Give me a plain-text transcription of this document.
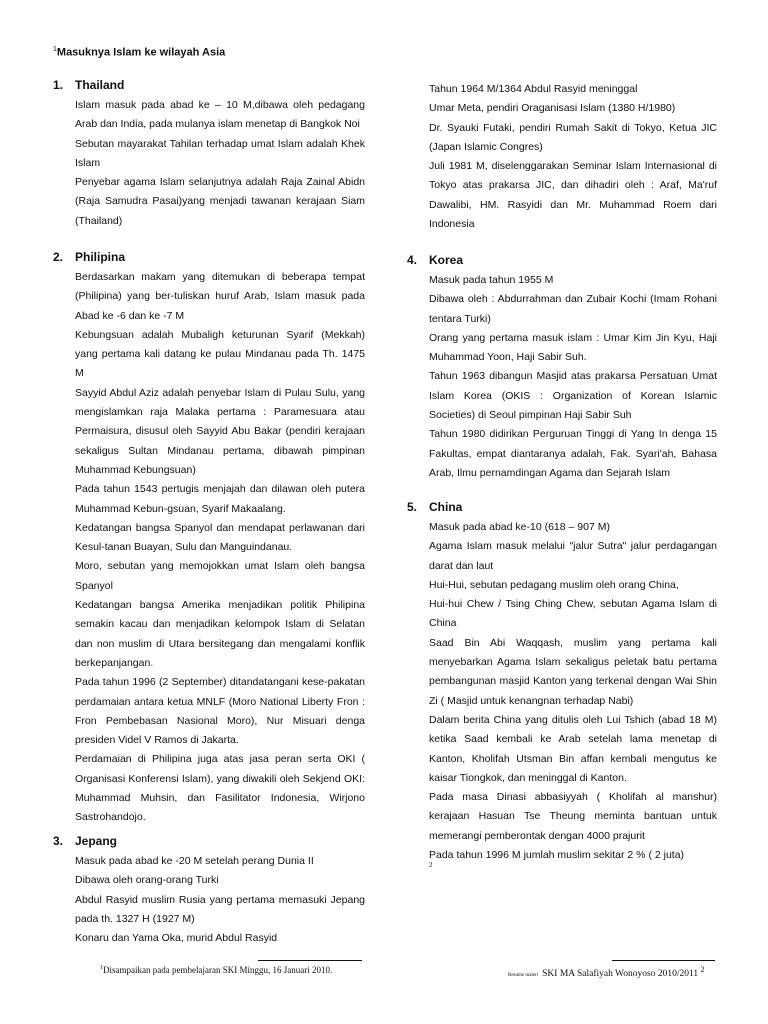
$^1$Masuknya Islam ke wilayah Asia
1. Thailand

Islam masuk pada abad ke – 10 M,dibawa oleh pedagang Arab dan India, pada mulanya islam menetap di Bangkok Noi

Sebutan mayarakat Tahilan terhadap umat Islam adalah Khek Islam

Penyebar agama Islam selanjutnya adalah Raja Zainal Abidn (Raja Samudra Pasai)yang menjadi tawanan kerajaan Siam (Thailand)

2. Philipina

Berdasarkan makam yang ditemukan di beberapa tempat (Philipina) yang ber-tuliskan huruf Arab, Islam masuk pada Abad ke -6 dan ke -7 M

Kebungsuan adalah Mubaligh keturunan Syarif (Mekkah) yang pertama kali datang ke pulau Mindanau pada Th. 1475 M

Sayyid Abdul Aziz adalah penyebar Islam di Pulau Sulu, yang mengislamkan raja Malaka pertama : Paramesuara atau Permaisura, disusul oleh Sayyid Abu Bakar (pendiri kerajaan sekaligus Sultan Mindanau pertama, dibawah pimpinan Muhammad Kebungsuan)

Pada tahun 1543 pertugis menjajah dan dilawan oleh putera Muhammad Kebun-gsuan, Syarif Makaalang.

Kedatangan bangsa Spanyol dan mendapat perlawanan dari Kesul-tanan Buayan, Sulu dan Manguindanau.

Moro, sebutan yang memojokkan umat Islam oleh bangsa Spanyol

Kedatangan bangsa Amerika menjadikan politik Philipina semakin kacau dan menjadikan kelompok Islam di Selatan dan non muslim di Utara bersitegang dan mengalami konflik berkepanjangan.

Pada tahun 1996 (2 September) ditandatangani kese-pakatan perdamaian antara ketua MNLF (Moro National Liberty Fron : Fron Pembebasan Nasional Moro), Nur Misuari denga presiden Videl V Ramos di Jakarta.

Perdamaian di Philipina juga atas jasa peran serta OKI ( Organisasi Konferensi Islam), yang diwakili oleh Sekjend OKI: Muhammad Muhsin, dan Fasilitator Indonesia, Wirjono Sastrohandojo.

3. Jepang

Masuk pada abad ke -20 M setelah perang Dunia II

Dibawa oleh orang-orang Turki

Abdul Rasyid muslim Rusia yang pertama memasuki Jepang pada th. 1327 H (1927 M)

Konaru dan Yama Oka, murid Abdul Rasyid

Tahun 1964 M/1364 Abdul Rasyid meninggal

Umar Meta, pendiri Oraganisasi Islam (1380 H/1980)

Dr. Syauki Futaki, pendiri Rumah Sakit di Tokyo, Ketua JIC (Japan Islamic Congres)

Juli 1981 M, diselenggarakan Seminar Islam Internasional di Tokyo atas prakarsa JIC, dan dihadiri oleh : Araf, Ma'ruf Dawalibi, HM. Rasyidi dan Mr. Muhammad Roem dari Indonesia

4. Korea

Masuk pada tahun 1955 M

Dibawa oleh : Abdurrahman dan Zubair Kochi (Imam Rohani tentara Turki)

Orang yang pertama masuk islam : Umar Kim Jin Kyu, Haji Muhammad Yoon, Haji Sabir Suh.

Tahun 1963 dibangun Masjid atas prakarsa Persatuan Umat Islam Korea (OKIS : Organization of Korean Islamic Societies) di Seoul pimpinan Haji Sabir Suh

Tahun 1980 didirikan Perguruan Tinggi di Yang In denga 15 Fakultas, empat diantaranya adalah, Fak. Syari'ah, Bahasa Arab, Ilmu pernamdingan Agama dan Sejarah Islam

5. China

Masuk pada abad ke-10 (618 – 907 M)

Agama Islam masuk melalui "jalur Sutra" jalur perdagangan darat dan laut

Hui-Hui, sebutan pedagang muslim oleh orang China,

Hui-hui Chew / Tsing Ching Chew, sebutan Agama Islam di China

Saad Bin Abi Waqqash, muslim yang pertama kali menyebarkan Agama Islam sekaligus peletak batu pertama pembangunan masjid Kanton yang terkenal dengan Wai Shin Zi ( Masjid untuk kenangnan terhadap Nabi)

Dalam berita China yang ditulis oleh Lui Tshich (abad 18 M) ketika Saad kembali ke Arab setelah lama menetap di Kanton, Kholifah Utsman Bin affan kembali mengutus ke kaisar Tiongkok, dan meninggal di Kanton.

Pada masa Dinasi abbasiyyah ( Kholifah al manshur) kerajaan Hasuan Tse Theung meminta bantuan untuk memerangi pemberontak dengan 4000 prajurit

Pada tahun 1996 M jumlah muslim sekitar 2 % ( 2 juta)

2
$^1$Disampaikan pada pembelajaran SKI Minggu, 16 Januari 2010.
Resume materi SKI MA Salafiyah Wonoyoso 2010/2011 $^2$
